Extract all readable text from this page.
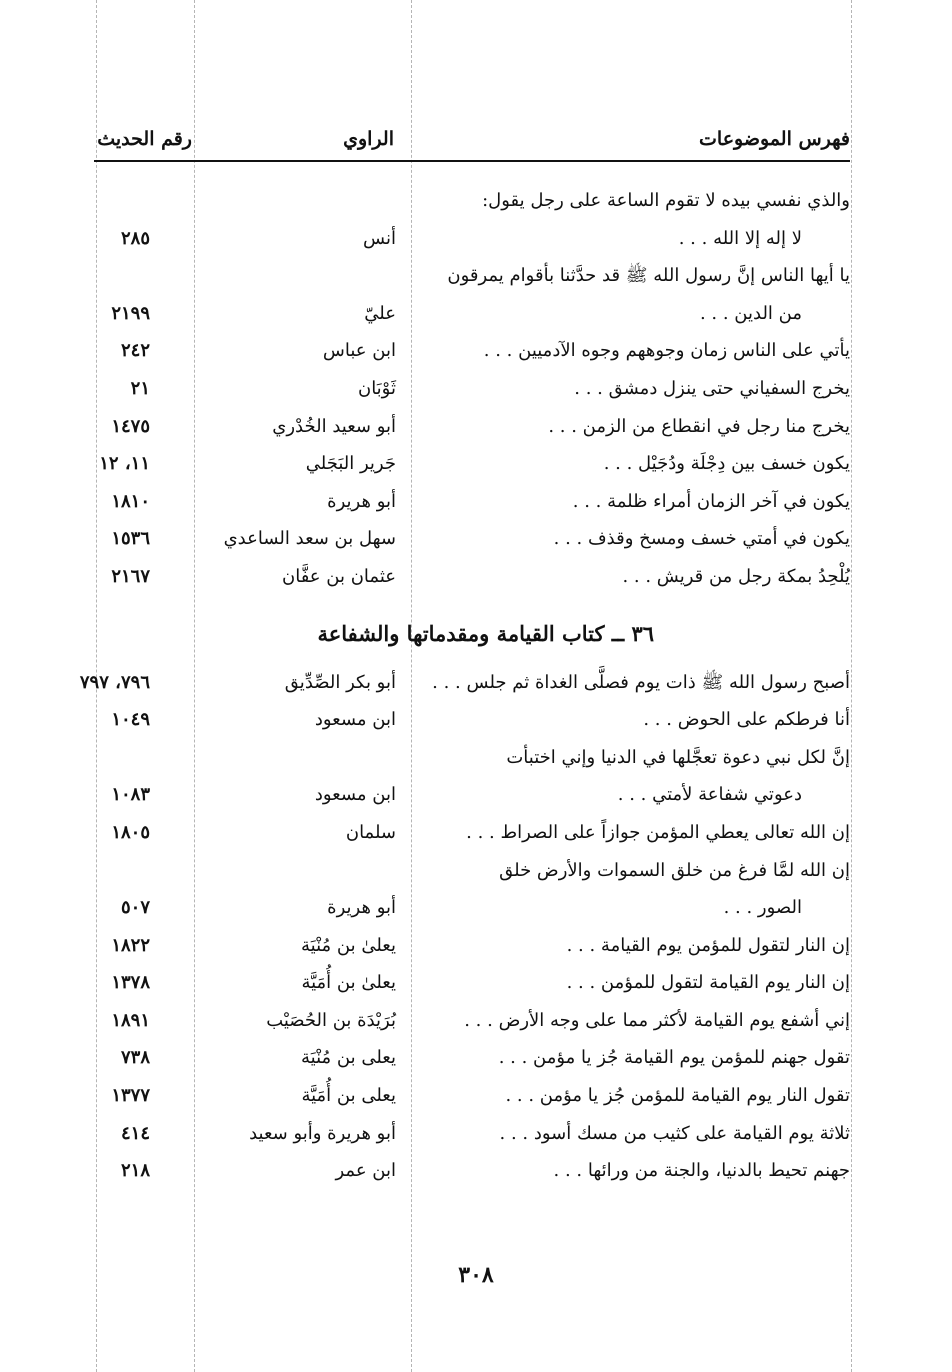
فهرس الموضوعات
الراوي
رقم الحديث
والذي نفسي بيده لا تقوم الساعة على رجل يقول:
لا إله إلا الله . . .
أنس
٢٨٥
يا أيها الناس إنَّ رسول الله ﷺ قد حدَّثنا بأقوام يمرقون
من الدين . . .
عليّ
٢١٩٩
يأتي على الناس زمان وجوههم وجوه الآدميين . . .
ابن عباس
٢٤٢
يخرج السفياني حتى ينزل دمشق . . .
ثَوْبَان
٢١
يخرج منا رجل في انقطاع من الزمن . . .
أبو سعيد الخُدْري
١٤٧٥
يكون خسف بين دِجْلَة ودُجَيْل . . .
جَرير البَجَلي
١١، ١٢
يكون في آخر الزمان أمراء ظلمة . . .
أبو هريرة
١٨١٠
يكون في أمتي خسف ومسخ وقذف . . .
سهل بن سعد الساعدي
١٥٣٦
يُلْحِدُ بمكة رجل من قريش . . .
عثمان بن عفَّان
٢١٦٧
٣٦ ــ كتاب القيامة ومقدماتها والشفاعة
أصبح رسول الله ﷺ ذات يوم فصلَّى الغداة ثم جلس . . .
أبو بكر الصِّدِّيق
٧٩٦، ٧٩٧
أنا فرطكم على الحوض . . .
ابن مسعود
١٠٤٩
إنَّ لكل نبي دعوة تعجَّلها في الدنيا وإني اختبأت
دعوتي شفاعة لأمتي . . .
ابن مسعود
١٠٨٣
إن الله تعالى يعطي المؤمن جوازاً على الصراط . . .
سلمان
١٨٠٥
إن الله لمَّا فرغ من خلق السموات والأرض خلق
الصور . . .
أبو هريرة
٥٠٧
إن النار لتقول للمؤمن يوم القيامة . . .
يعلىٰ بن مُنْيَة
١٨٢٢
إن النار يوم القيامة لتقول للمؤمن . . .
يعلىٰ بن أُمَيَّة
١٣٧٨
إني أشفع يوم القيامة لأكثر مما على وجه الأرض . . .
بُرَيْدَة بن الحُصَيْب
١٨٩١
تقول جهنم للمؤمن يوم القيامة جُز يا مؤمن . . .
يعلى بن مُنْيَة
٧٣٨
تقول النار يوم القيامة للمؤمن جُز يا مؤمن . . .
يعلى بن أُمَيَّة
١٣٧٧
ثلاثة يوم القيامة على كثيب من مسك أسود . . .
أبو هريرة وأبو سعيد
٤١٤
جهنم تحيط بالدنيا، والجنة من ورائها . . .
ابن عمر
٢١٨
٣٠٨
